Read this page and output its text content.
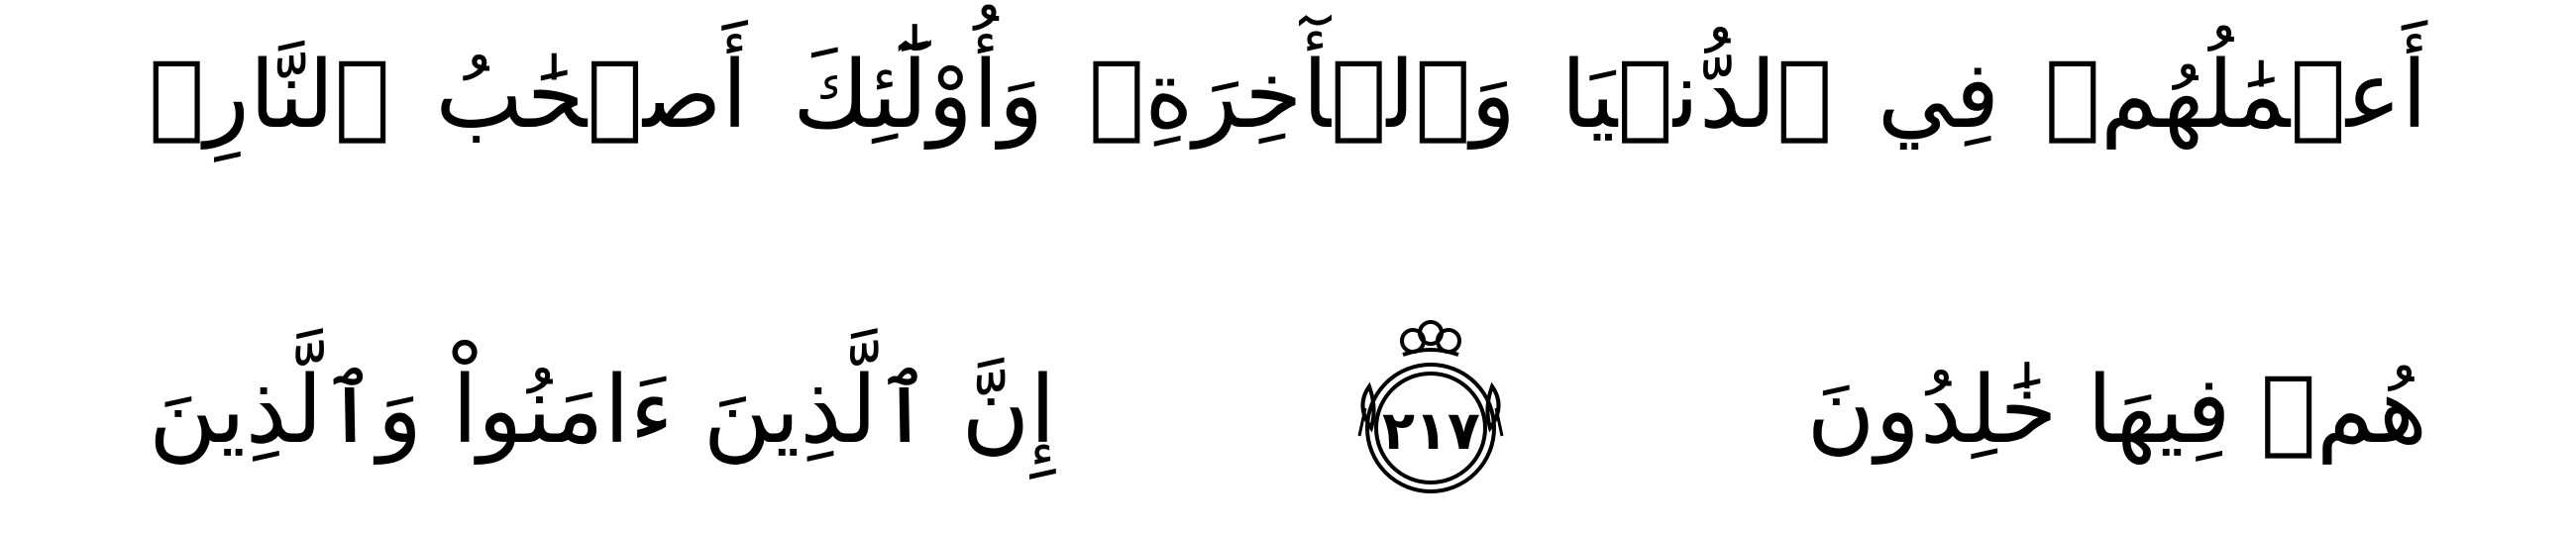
أَعۡمَٰلُهُمۡ فِي ٱلدُّنۡيَا وَٱلۡأٓخِرَةِۖ وَأُوْلَٰٓئِكَ أَصۡحَٰبُ ٱلنَّارِۖ
هُمۡ فِيهَا خَٰلِدُونَ
٢١٧
إِنَّ ٱلَّذِينَ ءَامَنُواْ وَٱلَّذِينَ
